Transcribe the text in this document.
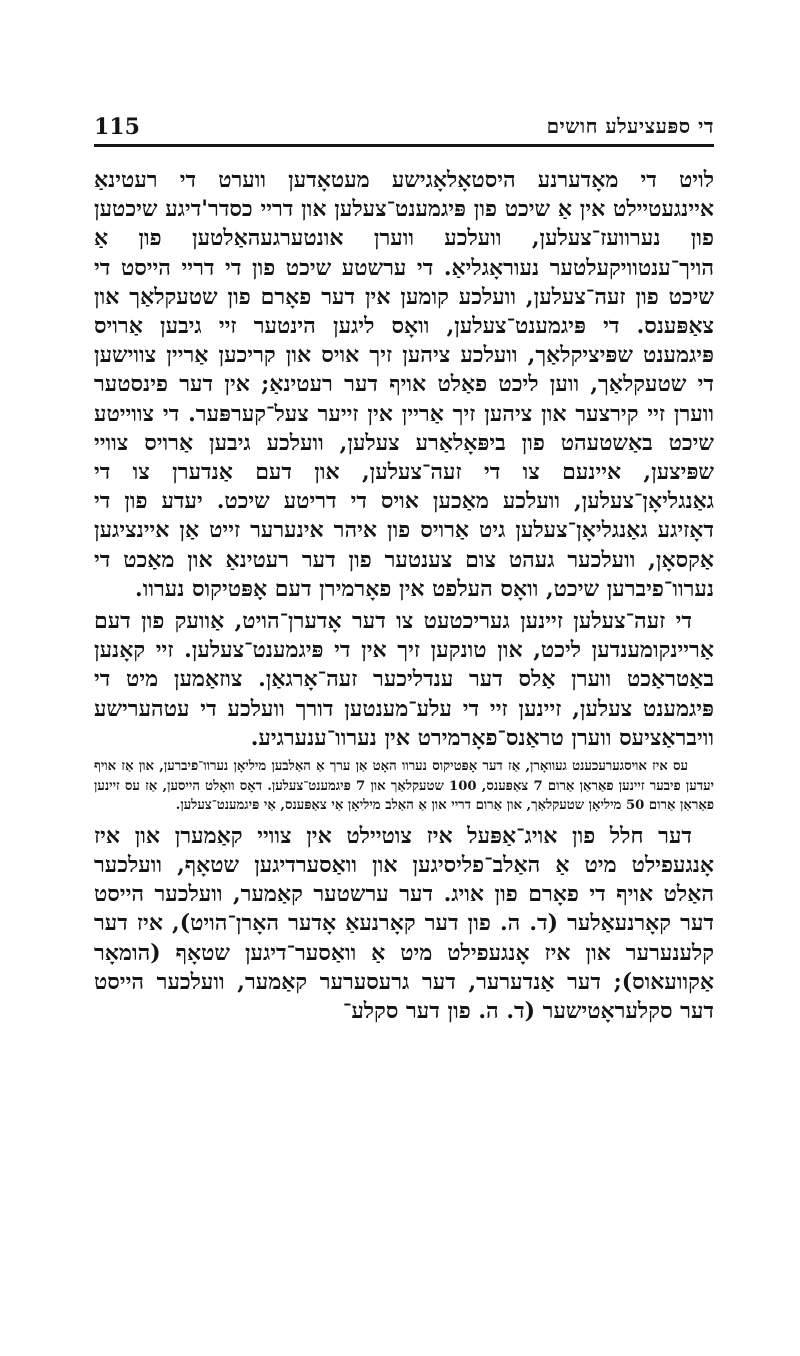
115	די ספּעציעלע חושים

לויט די מאָדערנע היסטאָלאָגישע מעטאָדען ווערט די רעטינאַ איינגעטיילט אין אַ שיכט פון פּיגמענט־צעלען און דריי כסדר'דיגע שיכטען פון נערוועז־צעלען, וועלכע ווערן אונטערגעהאַלטען פון אַ הויך־ענטוויקעלטער נעוראָגליאַ. די ערשטע שיכט פון די דריי הייסט די שיכט פון זעה־צעלען, וועלכע קומען אין דער פאָרם פון שטעקלאַך און צאַפּענס. די פּיגמענט־צעלען, וואָס ליגען הינטער זיי גיבען אַרויס פּיגמענט שפּיציקלאַך, וועלכע ציהען זיך אויס און קריכען אַריין צווישען די שטעקלאַך, ווען ליכט פאַלט אויף דער רעטינאַ; אין דער פינסטער ווערן זיי קירצער און ציהען זיך אַריין אין זייער צעל־קערפּער. די צווייטע שיכט באַשטעהט פון ביפּאָלאַרע צעלען, וועלכע גיבען אַרויס צוויי שפּיצען, איינעם צו די זעה־צעלען, און דעם אַנדערן צו די גאַנגליאָן־צעלען, וועלכע מאַכען אויס די דריטע שיכט. יעדע פון די דאָזיגע גאַנגליאָן־צעלען גיט אַרויס פון איהר אינערער זייט אַן איינציגען אַקסאָן, וועלכער געהט צום צענטער פון דער רעטינאַ און מאַכט די נערוו־פיברען שיכט, וואָס העלפט אין פאָרמירן דעם אָפּטיקוס נערוו.

די זעה־צעלען זיינען געריכטעט צו דער אָדערן־הויט, אַוועק פון דעם אַריינקומענדען ליכט, און טונקען זיך אין די פּיגמענט־צעלען. זיי קאָנען באַטראַכט ווערן אַלס דער ענדליכער זעה־אָרגאַן. צוזאַמען מיט די פּיגמענט צעלען, זיינען זיי די עלע־מענטען דורך וועלכע די עטהערישע וויבראַציעס ווערן טראַנס־פאָרמירט אין נערוו־ענערגיע.

עס איז אויסגערעכענט געוואָרן, אַז דער אָפּטיקוס נערוו האָט אַן ערך אַ האַלבען מיליאָן נערוו־פיברען, און אַז אויף יעדען פיבער זיינען פאַראַן אַרום 7 צאַפּענס, 100 שטעקלאַך און 7 פּיגמענט־צעלען. דאָס וואָלט הייסען, אַז עס זיינען פאַראַן אַרום 50 מיליאָן שטעקלאַך, און אַרום דריי און אַ האַלב מיליאָן אַי צאַפּענס, אַי פּיגמענט־צעלען.

דער חלל פון אויג־אַפּעל איז צוטיילט אין צוויי קאַמערן און איז אָנגעפילט מיט אַ האַלב־פליסיגען און וואַסערדיגען שטאָף, וועלכער האַלט אויף די פאָרם פון אויג. דער ערשטער קאַמער, וועלכער הייסט דער קאָרנעאַלער (ד. ה. פון דער קאָרנעאַ אָדער האָרן־הויט), איז דער קלענערער און איז אָנגעפילט מיט אַ וואַסער־דיגען שטאָף (הומאָר אַקוועאוס); דער אַנדערער, דער גרעסערער קאַמער, וועלכער הייסט דער סקלעראָטישער (ד. ה. פון דער סקלע־
